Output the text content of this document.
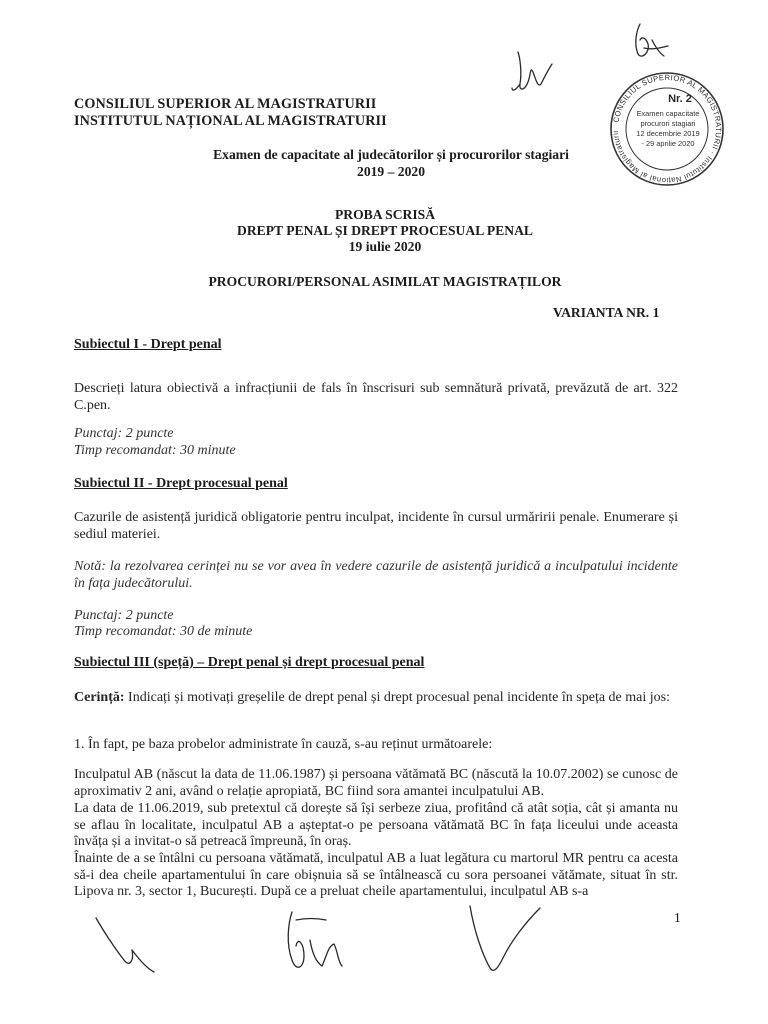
CONSILIUL SUPERIOR AL MAGISTRATURII · Institutul Național al Magistraturii
Nr. 2
Examen capacitate
procurori stagiari
12 decembrie 2019
- 29 aprilie 2020
CONSILIUL SUPERIOR AL MAGISTRATURII
INSTITUTUL NAȚIONAL AL MAGISTRATURII
Examen de capacitate al judecătorilor și procurorilor stagiari
2019 – 2020
PROBA SCRISĂ
DREPT PENAL ȘI DREPT PROCESUAL PENAL
19 iulie 2020
PROCURORI/PERSONAL ASIMILAT MAGISTRAȚILOR
VARIANTA NR. 1
Subiectul I - Drept penal
Descrieți latura obiectivă a infracțiunii de fals în înscrisuri sub semnătură privată, prevăzută de art. 322 C.pen.
Punctaj: 2 puncte
Timp recomandat: 30 minute
Subiectul II - Drept procesual penal
Cazurile de asistență juridică obligatorie pentru inculpat, incidente în cursul urmăririi penale. Enumerare și sediul materiei.
Notă: la rezolvarea cerinței nu se vor avea în vedere cazurile de asistență juridică a inculpatului incidente în fața judecătorului.
Punctaj: 2 puncte
Timp recomandat: 30 de minute
Subiectul III (speță) – Drept penal și drept procesual penal
Cerință: Indicați și motivați greșelile de drept penal și drept procesual penal incidente în speța de mai jos:
1. În fapt, pe baza probelor administrate în cauză, s-au reținut următoarele:
Inculpatul AB (născut la data de 11.06.1987) și persoana vătămată BC (născută la 10.07.2002) se cunosc de aproximativ 2 ani, având o relație apropiată, BC fiind sora amantei inculpatului AB.
La data de 11.06.2019, sub pretextul că dorește să își serbeze ziua, profitând că atât soția, cât și amanta nu se aflau în localitate, inculpatul AB a așteptat-o pe persoana vătămată BC în fața liceului unde aceasta învăța și a invitat-o să petreacă împreună, în oraș.
Înainte de a se întâlni cu persoana vătămată, inculpatul AB a luat legătura cu martorul MR pentru ca acesta să-i dea cheile apartamentului în care obișnuia să se întâlnească cu sora persoanei vătămate, situat în str. Lipova nr. 3, sector 1, București. După ce a preluat cheile apartamentului, inculpatul AB s-a
1
